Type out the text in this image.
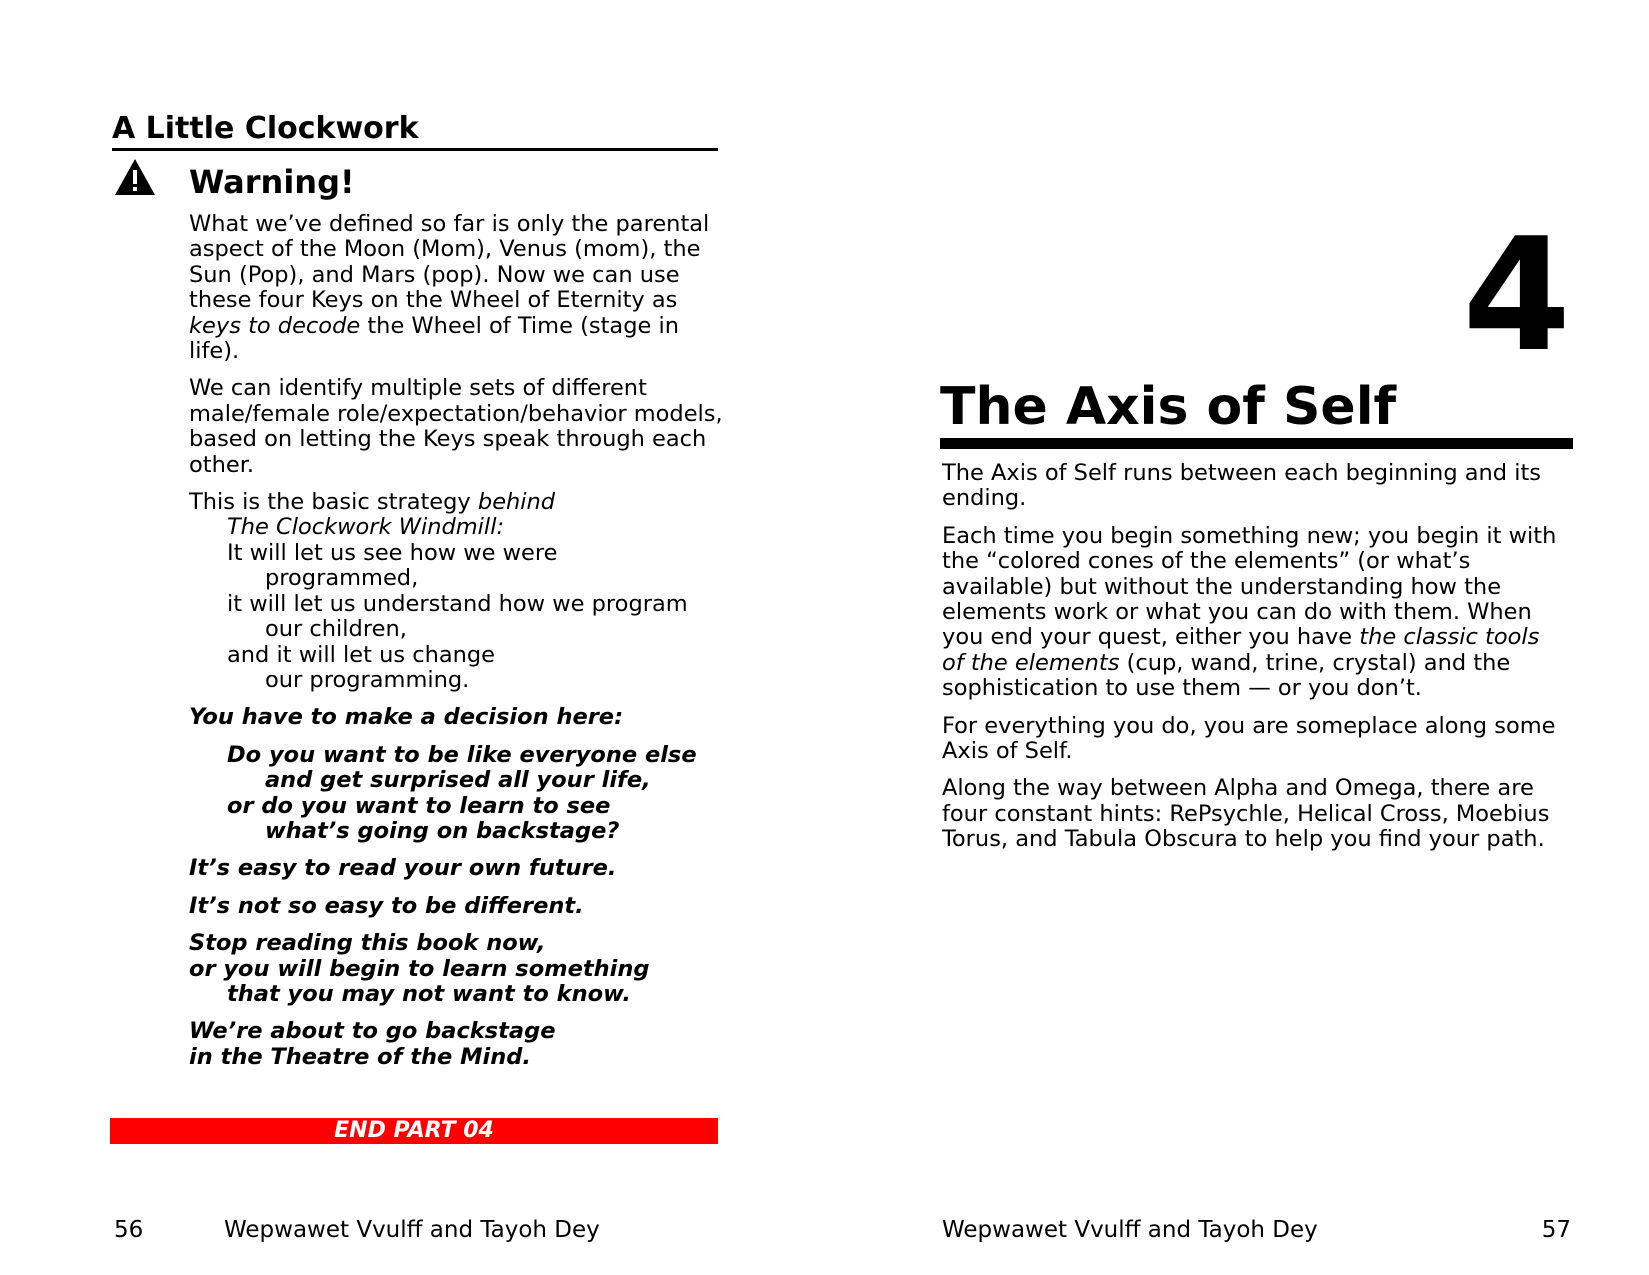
A Little Clockwork
Warning!

What we’ve defined so far is only the parental aspect of the Moon (Mom), Venus (mom), the Sun (Pop), and Mars (pop). Now we can use these four Keys on the Wheel of Eternity as keys to decode the Wheel of Time (stage in life).

We can identify multiple sets of different male/female role/expectation/behavior models, based on letting the Keys speak through each other.

This is the basic strategy behind
The Clockwork Windmill:
It will let us see how we were
programmed,
it will let us understand how we program
our children,
and it will let us change
our programming.

You have to make a decision here:

Do you want to be like everyone else
and get surprised all your life,
or do you want to learn to see
what’s going on backstage?

It’s easy to read your own future.

It’s not so easy to be different.

Stop reading this book now,
or you will begin to learn something
that you may not want to know.

We’re about to go backstage
in the Theatre of the Mind.

END PART 04
56	Wepwawet Vvulff and Tayoh Dey
4
The Axis of Self

The Axis of Self runs between each beginning and its ending.

Each time you begin something new; you begin it with the “colored cones of the elements” (or what’s available) but without the understanding how the elements work or what you can do with them. When you end your quest, either you have the classic tools of the elements (cup, wand, trine, crystal) and the sophistication to use them — or you don’t.

For everything you do, you are someplace along some Axis of Self.

Along the way between Alpha and Omega, there are four constant hints: RePsychle, Helical Cross, Moebius Torus, and Tabula Obscura to help you find your path.

Wepwawet Vvulff and Tayoh Dey	57
